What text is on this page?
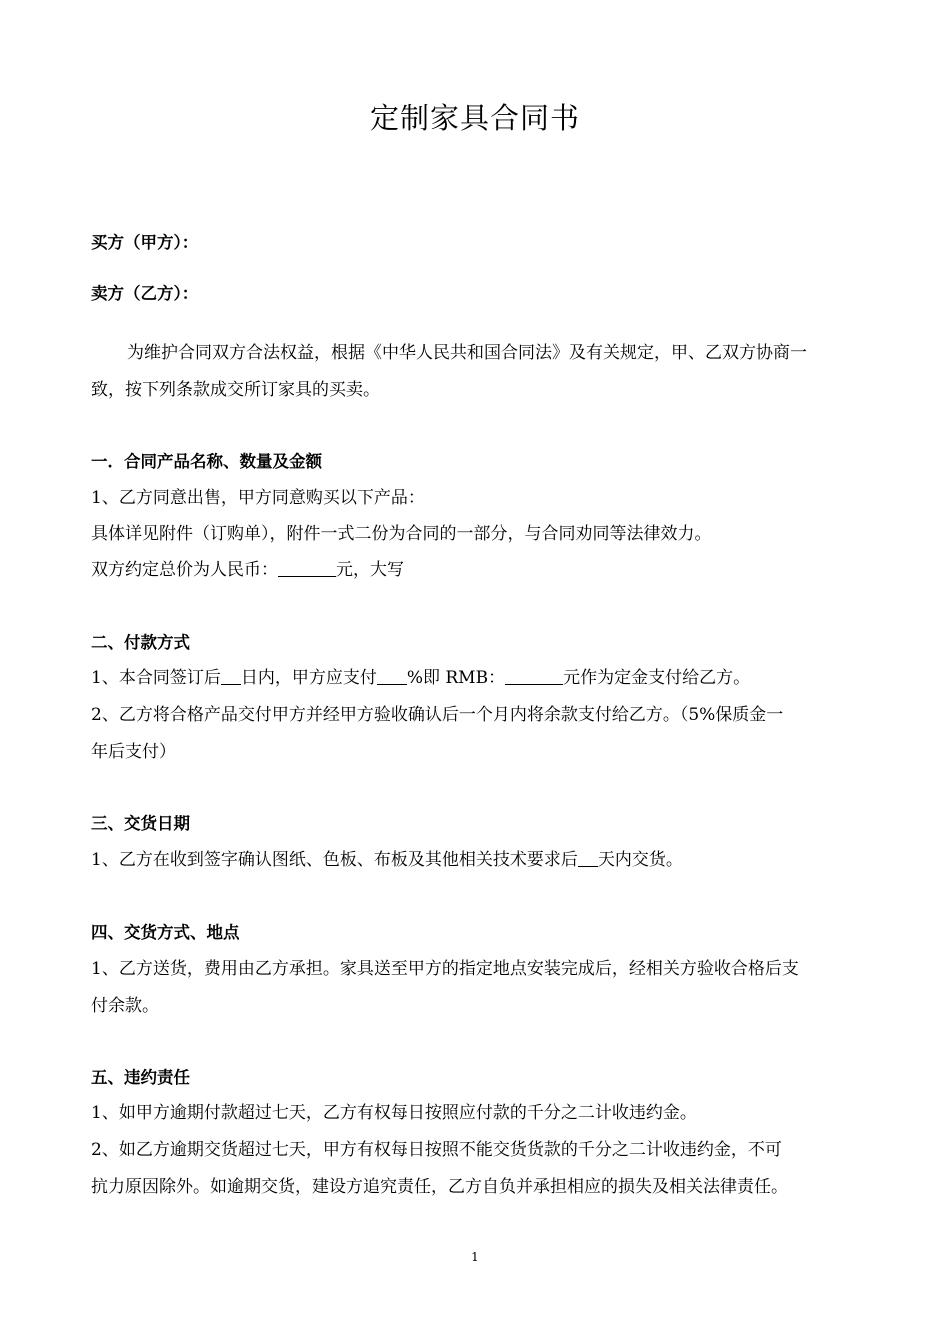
定制家具合同书
买方（甲方）：
卖方（乙方）：
为维护合同双方合法权益，根据《中华人民共和国合同法》及有关规定，甲、乙双方协商一
致，按下列条款成交所订家具的买卖。
一．合同产品名称、数量及金额
1、乙方同意出售，甲方同意购买以下产品：
具体详见附件（订购单），附件一式二份为合同的一部分，与合同劝同等法律效力。
双方约定总价为人民币：	元，大写
二、付款方式
1、本合同签订后 日内，甲方应支付 %即 RMB：	元作为定金支付给乙方。
2、乙方将合格产品交付甲方并经甲方验收确认后一个月内将余款支付给乙方。（5%保质金一
年后支付）
三、交货日期
1、乙方在收到签字确认图纸、色板、布板及其他相关技术要求后 天内交货。
四、交货方式、地点
1、乙方送货，费用由乙方承担。家具送至甲方的指定地点安装完成后，经相关方验收合格后支
付余款。
五、违约责任
1、如甲方逾期付款超过七天，乙方有权每日按照应付款的千分之二计收违约金。
2、如乙方逾期交货超过七天，甲方有权每日按照不能交货货款的千分之二计收违约金，不可
抗力原因除外。如逾期交货，建设方追究责任，乙方自负并承担相应的损失及相关法律责任。
1
